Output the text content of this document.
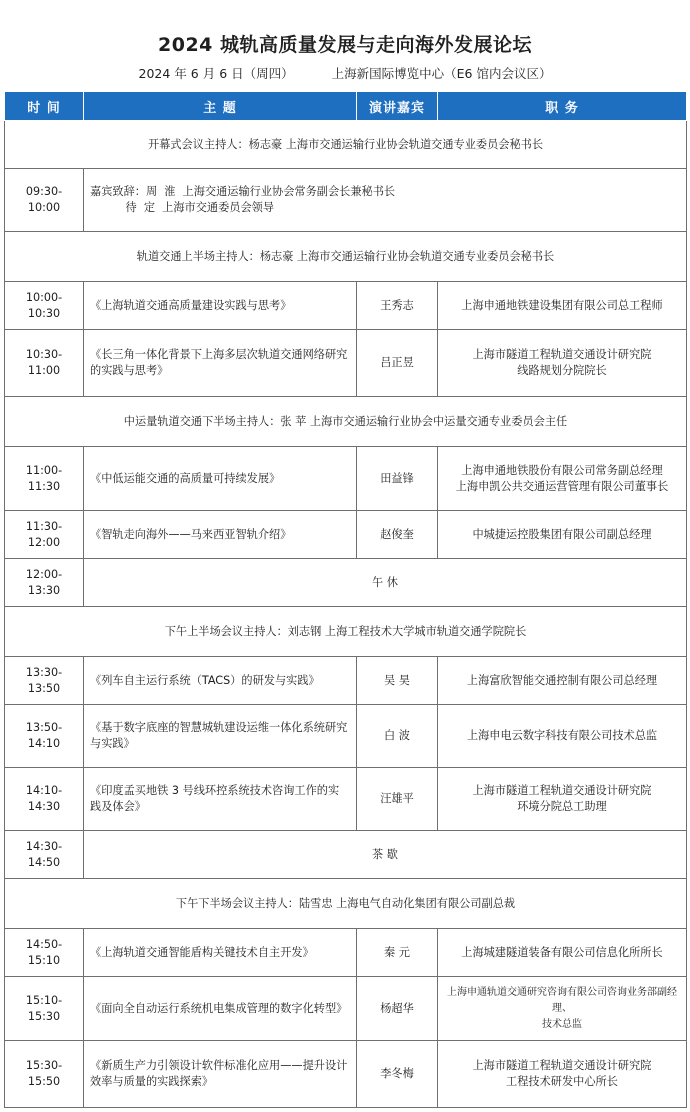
2024 城轨高质量发展与走向海外发展论坛
2024 年 6 月 6 日（周四）	上海新国际博览中心（E6 馆内会议区）
时 间	主 题	演讲嘉宾	职 务
开幕式会议主持人：杨志豪 上海市交通运输行业协会轨道交通专业委员会秘书长			
09:30-10:00	嘉宾致辞：周  淮  上海交通运输行业协会常务副会长兼秘书长
待  定  上海市交通委员会领导		

轨道交通上半场主持人：杨志豪 上海市交通运输行业协会轨道交通专业委员会秘书长			
10:00-10:30	《上海轨道交通高质量建设实践与思考》	王秀志	上海申通地铁建设集团有限公司总工程师
10:30-11:00	《长三角一体化背景下上海多层次轨道交通网络研究的实践与思考》	吕正昱	上海市隧道工程轨道交通设计研究院
线路规划分院院长

中运量轨道交通下半场主持人：张 苹 上海市交通运输行业协会中运量交通专业委员会主任			
11:00-11:30	《中低运能交通的高质量可持续发展》	田益锋	上海申通地铁股份有限公司常务副总经理
上海申凯公共交通运营管理有限公司董事长

11:30-12:00	《智轨走向海外——马来西亚智轨介绍》	赵俊奎	中城捷运控股集团有限公司副总经理
12:00-13:30	午 休		
下午上半场会议主持人：刘志钢 上海工程技术大学城市轨道交通学院院长			
13:30-13:50	《列车自主运行系统（TACS）的研发与实践》	吴 昊	上海富欣智能交通控制有限公司总经理
13:50-14:10	《基于数字底座的智慧城轨建设运维一体化系统研究与实践》	白 波	上海申电云数字科技有限公司技术总监
14:10-14:30	《印度孟买地铁 3 号线环控系统技术咨询工作的实践及体会》	汪雄平	上海市隧道工程轨道交通设计研究院
环境分院总工助理

14:30-14:50	茶 歇		
下午下半场会议主持人：陆雪忠 上海电气自动化集团有限公司副总裁			
14:50-15:10	《上海轨道交通智能盾构关键技术自主开发》	秦 元	上海城建隧道装备有限公司信息化所所长
15:10-15:30	《面向全自动运行系统机电集成管理的数字化转型》	杨超华	上海申通轨道交通研究咨询有限公司咨询业务部副经理、
技术总监

15:30-15:50	《新质生产力引领设计软件标准化应用——提升设计效率与质量的实践探索》	李冬梅	上海市隧道工程轨道交通设计研究院
工程技术研发中心所长
